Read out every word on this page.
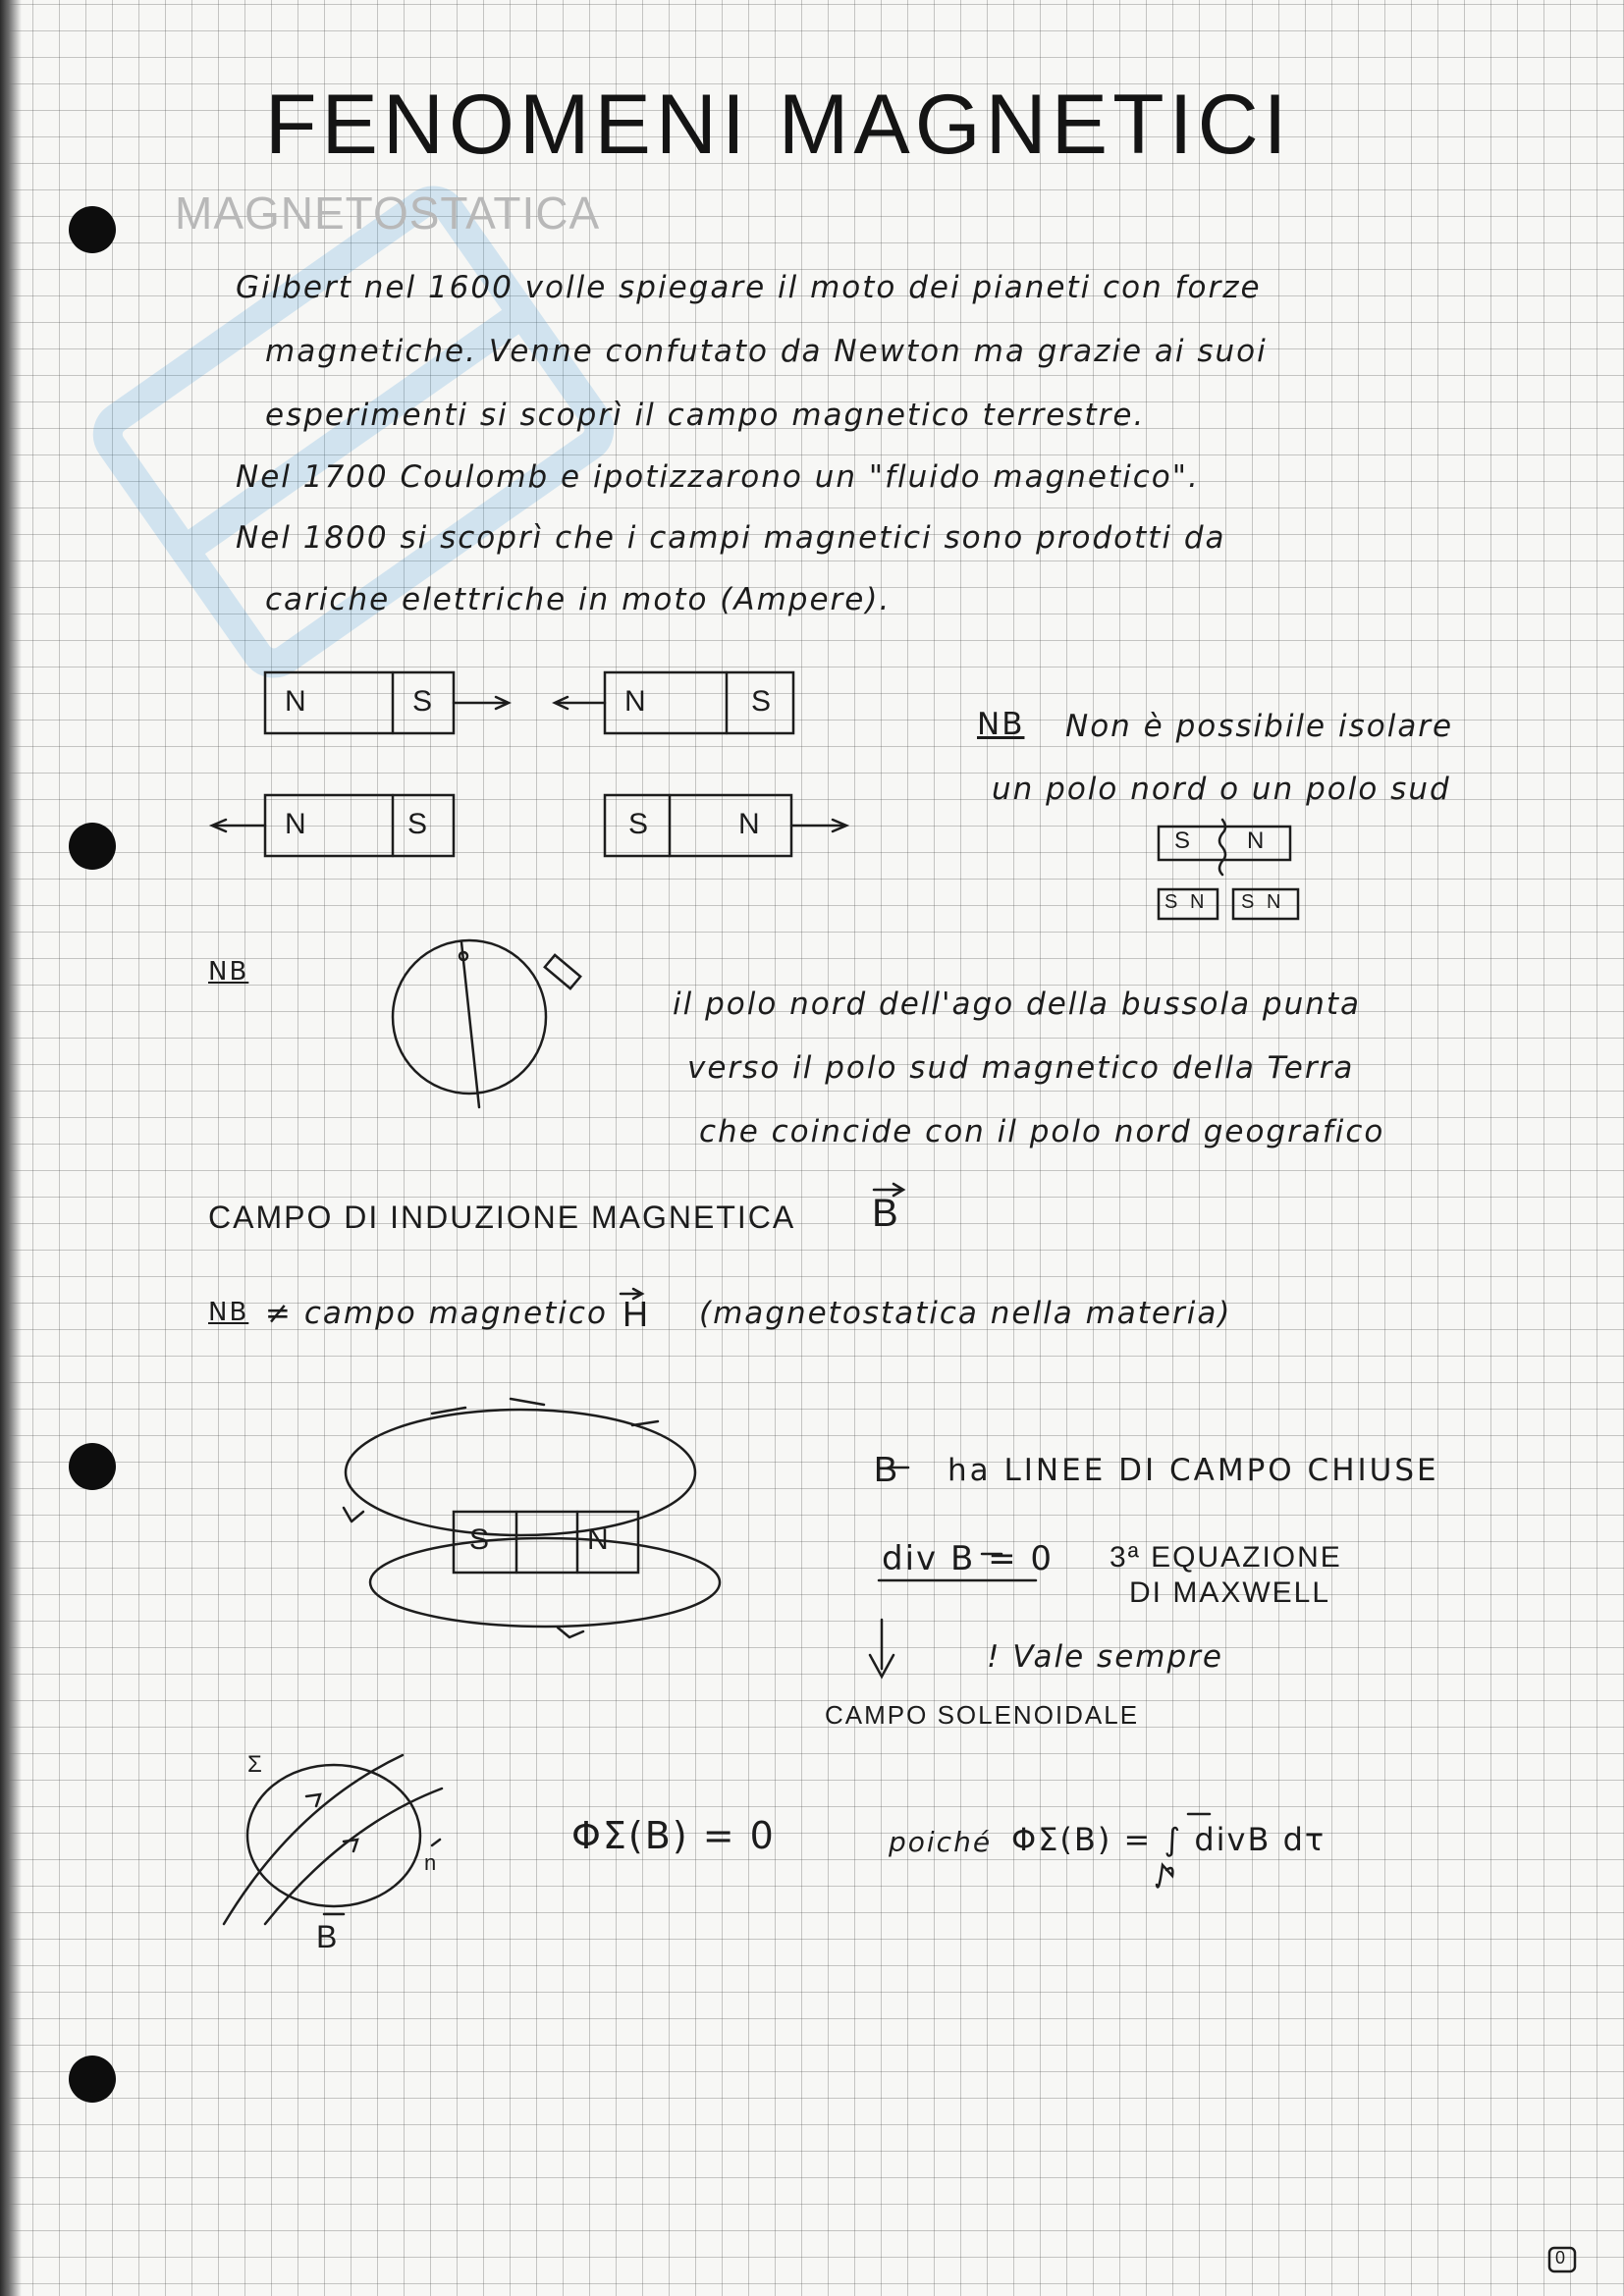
FENOMENI MAGNETICI
MAGNETOSTATICA
Gilbert nel 1600 volle spiegare il moto dei pianeti con forze
magnetiche. Venne confutato da Newton ma grazie ai suoi
esperimenti si scoprì il campo magnetico terrestre.
Nel 1700 Coulomb e ipotizzarono un "fluido magnetico".
Nel 1800 si scoprì che i campi magnetici sono prodotti da
cariche elettriche in moto (Ampere).
N	S	N	S
N	S	S	N
S N
S N S N
NB Non è possibile isolare
un polo nord o un polo sud
NB
il polo nord dell'ago della bussola punta
verso il polo sud magnetico della Terra
che coincide con il polo nord geografico
CAMPO DI INDUZIONE MAGNETICA B
NB ≠ campo magnetico H (magnetostatica nella materia)
S	N
B ha LINEE DI CAMPO CHIUSE
div B = 0 3ª EQUAZIONE
DI MAXWELL
! Vale sempre
CAMPO SOLENOIDALE
Σ
n
B
ΦΣ(B) = 0	poiché ΦΣ(B) = ∫ divB dτ
0
